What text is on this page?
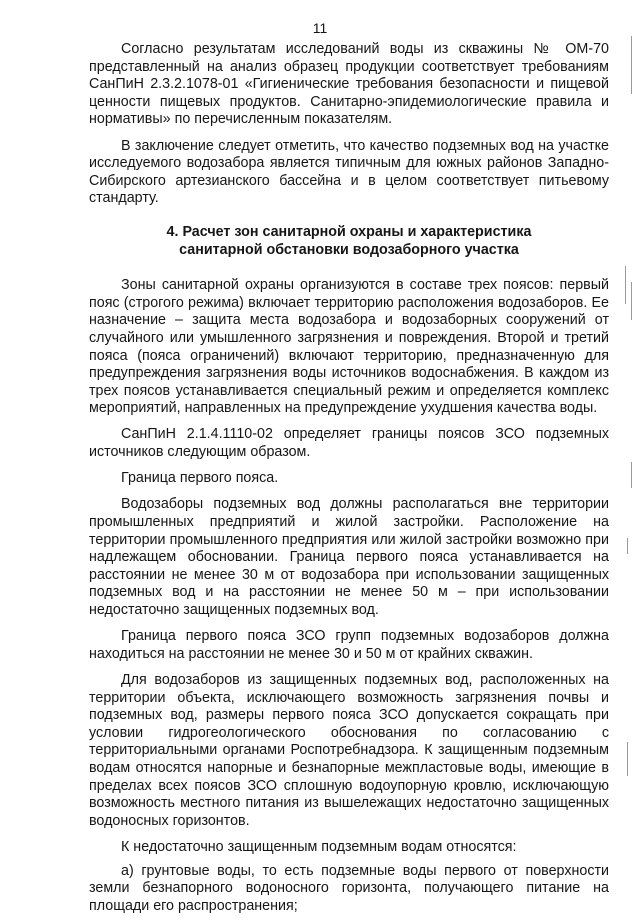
11

Согласно результатам исследований воды из скважины № ОМ-70 представленный на анализ образец продукции соответствует требованиям СанПиН 2.3.2.1078-01 «Гигиенические требования безопасности и пищевой ценности пищевых продуктов. Санитарно-эпидемиологические правила и нормативы» по перечисленным показателям.

В заключение следует отметить, что качество подземных вод на участке исследуемого водозабора является типичным для южных районов Западно-Сибирского артезианского бассейна и в целом соответствует питьевому стандарту.

4. Расчет зон санитарной охраны и характеристика
санитарной обстановки водозаборного участка

Зоны санитарной охраны организуются в составе трех поясов: первый пояс (строгого режима) включает территорию расположения водозаборов. Ее назначение – защита места водозабора и водозаборных сооружений от случайного или умышленного загрязнения и повреждения. Второй и третий пояса (пояса ограничений) включают территорию, предназначенную для предупреждения загрязнения воды источников водоснабжения. В каждом из трех поясов устанавливается специальный режим и определяется комплекс мероприятий, направленных на предупреждение ухудшения качества воды.

СанПиН 2.1.4.1110-02 определяет границы поясов ЗСО подземных источников следующим образом.

Граница первого пояса.

Водозаборы подземных вод должны располагаться вне территории промышленных предприятий и жилой застройки. Расположение на территории промышленного предприятия или жилой застройки возможно при надлежащем обосновании. Граница первого пояса устанавливается на расстоянии не менее 30 м от водозабора при использовании защищенных подземных вод и на расстоянии не менее 50 м – при использовании недостаточно защищенных подземных вод.

Граница первого пояса ЗСО групп подземных водозаборов должна находиться на расстоянии не менее 30 и 50 м от крайних скважин.

Для водозаборов из защищенных подземных вод, расположенных на территории объекта, исключающего возможность загрязнения почвы и подземных вод, размеры первого пояса ЗСО допускается сокращать при условии гидрогеологического обоснования по согласованию с территориальными органами Роспотребнадзора. К защищенным подземным водам относятся напорные и безнапорные межпластовые воды, имеющие в пределах всех поясов ЗСО сплошную водоупорную кровлю, исключающую возможность местного питания из вышележащих недостаточно защищенных водоносных горизонтов.

К недостаточно защищенным подземным водам относятся:

а) грунтовые воды, то есть подземные воды первого от поверхности земли безнапорного водоносного горизонта, получающего питание на площади его распространения;
